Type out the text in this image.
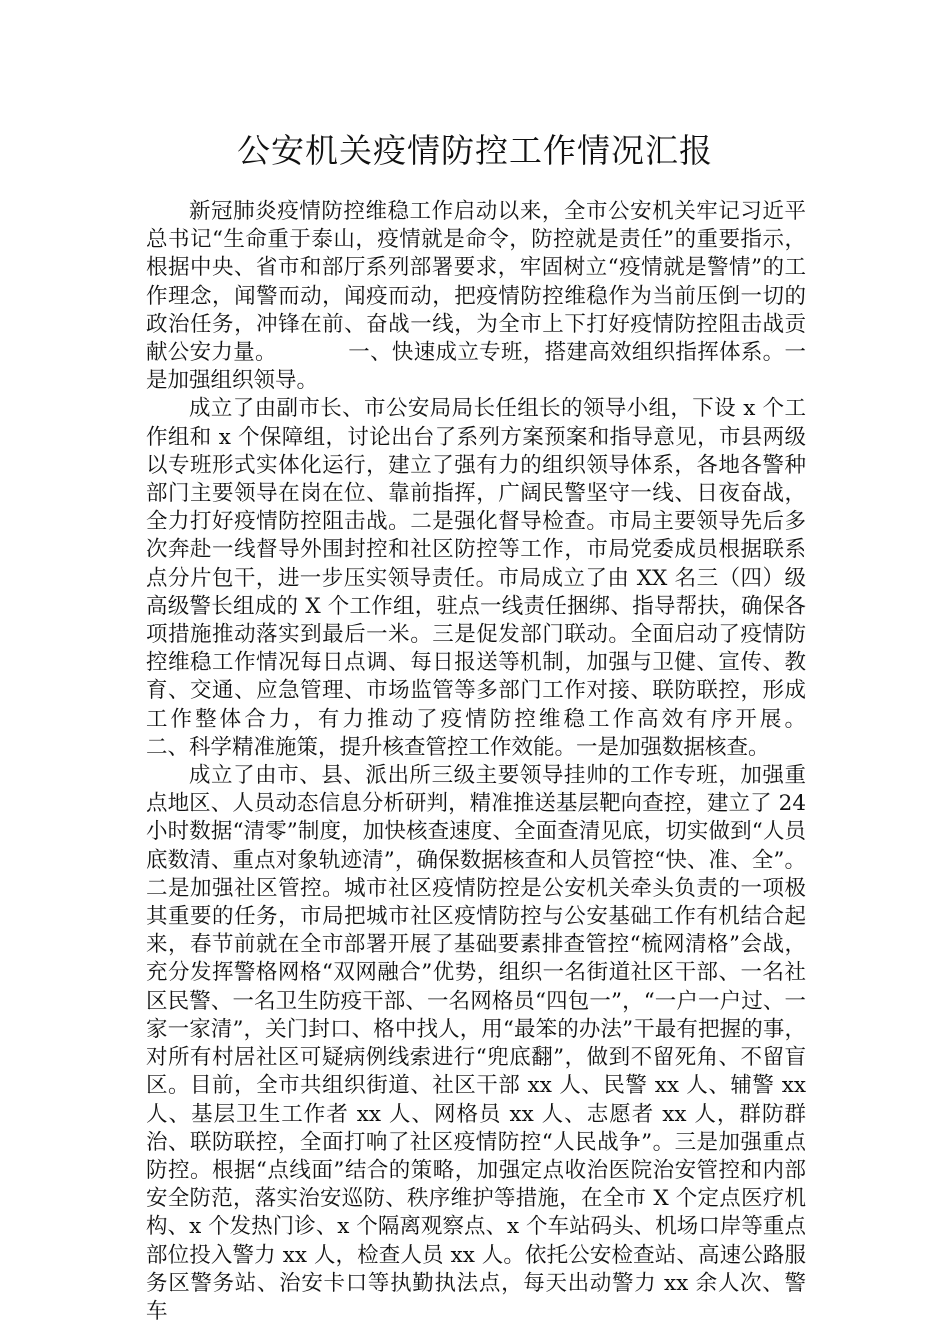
公安机关疫情防控工作情况汇报

新冠肺炎疫情防控维稳工作启动以来，全市公安机关牢记习近平总书记“生命重于泰山，疫情就是命令，防控就是责任”的重要指示，根据中央、省市和部厅系列部署要求，牢固树立“疫情就是警情”的工作理念，闻警而动，闻疫而动，把疫情防控维稳作为当前压倒一切的政治任务，冲锋在前、奋战一线，为全市上下打好疫情防控阻击战贡献公安力量。          一、快速成立专班，搭建高效组织指挥体系。一是加强组织领导。

成立了由副市长、市公安局局长任组长的领导小组，下设 x 个工作组和 x 个保障组，讨论出台了系列方案预案和指导意见，市县两级以专班形式实体化运行，建立了强有力的组织领导体系，各地各警种部门主要领导在岗在位、靠前指挥，广阔民警坚守一线、日夜奋战，全力打好疫情防控阻击战。二是强化督导检查。市局主要领导先后多次奔赴一线督导外围封控和社区防控等工作，市局党委成员根据联系点分片包干，进一步压实领导责任。市局成立了由 XX 名三（四）级高级警长组成的 X 个工作组，驻点一线责任捆绑、指导帮扶，确保各项措施推动落实到最后一米。三是促发部门联动。全面启动了疫情防控维稳工作情况每日点调、每日报送等机制，加强与卫健、宣传、教育、交通、应急管理、市场监管等多部门工作对接、联防联控，形成工作整体合力，有力推动了疫情防控维稳工作高效有序开展。          二、科学精准施策，提升核查管控工作效能。一是加强数据核查。

成立了由市、县、派出所三级主要领导挂帅的工作专班，加强重点地区、人员动态信息分析研判，精准推送基层靶向查控，建立了 24 小时数据“清零”制度，加快核查速度、全面查清见底，切实做到“人员底数清、重点对象轨迹清”，确保数据核查和人员管控“快、准、全”。二是加强社区管控。城市社区疫情防控是公安机关牵头负责的一项极其重要的任务，市局把城市社区疫情防控与公安基础工作有机结合起来，春节前就在全市部署开展了基础要素排查管控“梳网清格”会战，充分发挥警格网格“双网融合”优势，组织一名街道社区干部、一名社区民警、一名卫生防疫干部、一名网格员“四包一”，“一户一户过、一家一家清”，关门封口、格中找人，用“最笨的办法”干最有把握的事，对所有村居社区可疑病例线索进行“兜底翻”，做到不留死角、不留盲区。目前，全市共组织街道、社区干部 xx 人、民警 xx 人、辅警 xx 人、基层卫生工作者 xx 人、网格员 xx 人、志愿者 xx 人，群防群治、联防联控，全面打响了社区疫情防控“人民战争”。三是加强重点防控。根据“点线面”结合的策略，加强定点收治医院治安管控和内部安全防范，落实治安巡防、秩序维护等措施，在全市 X 个定点医疗机构、x 个发热门诊、x 个隔离观察点、x 个车站码头、机场口岸等重点部位投入警力 xx 人，检查人员 xx 人。依托公安检查站、高速公路服务区警务站、治安卡口等执勤执法点，每天出动警力 xx 余人次、警车
